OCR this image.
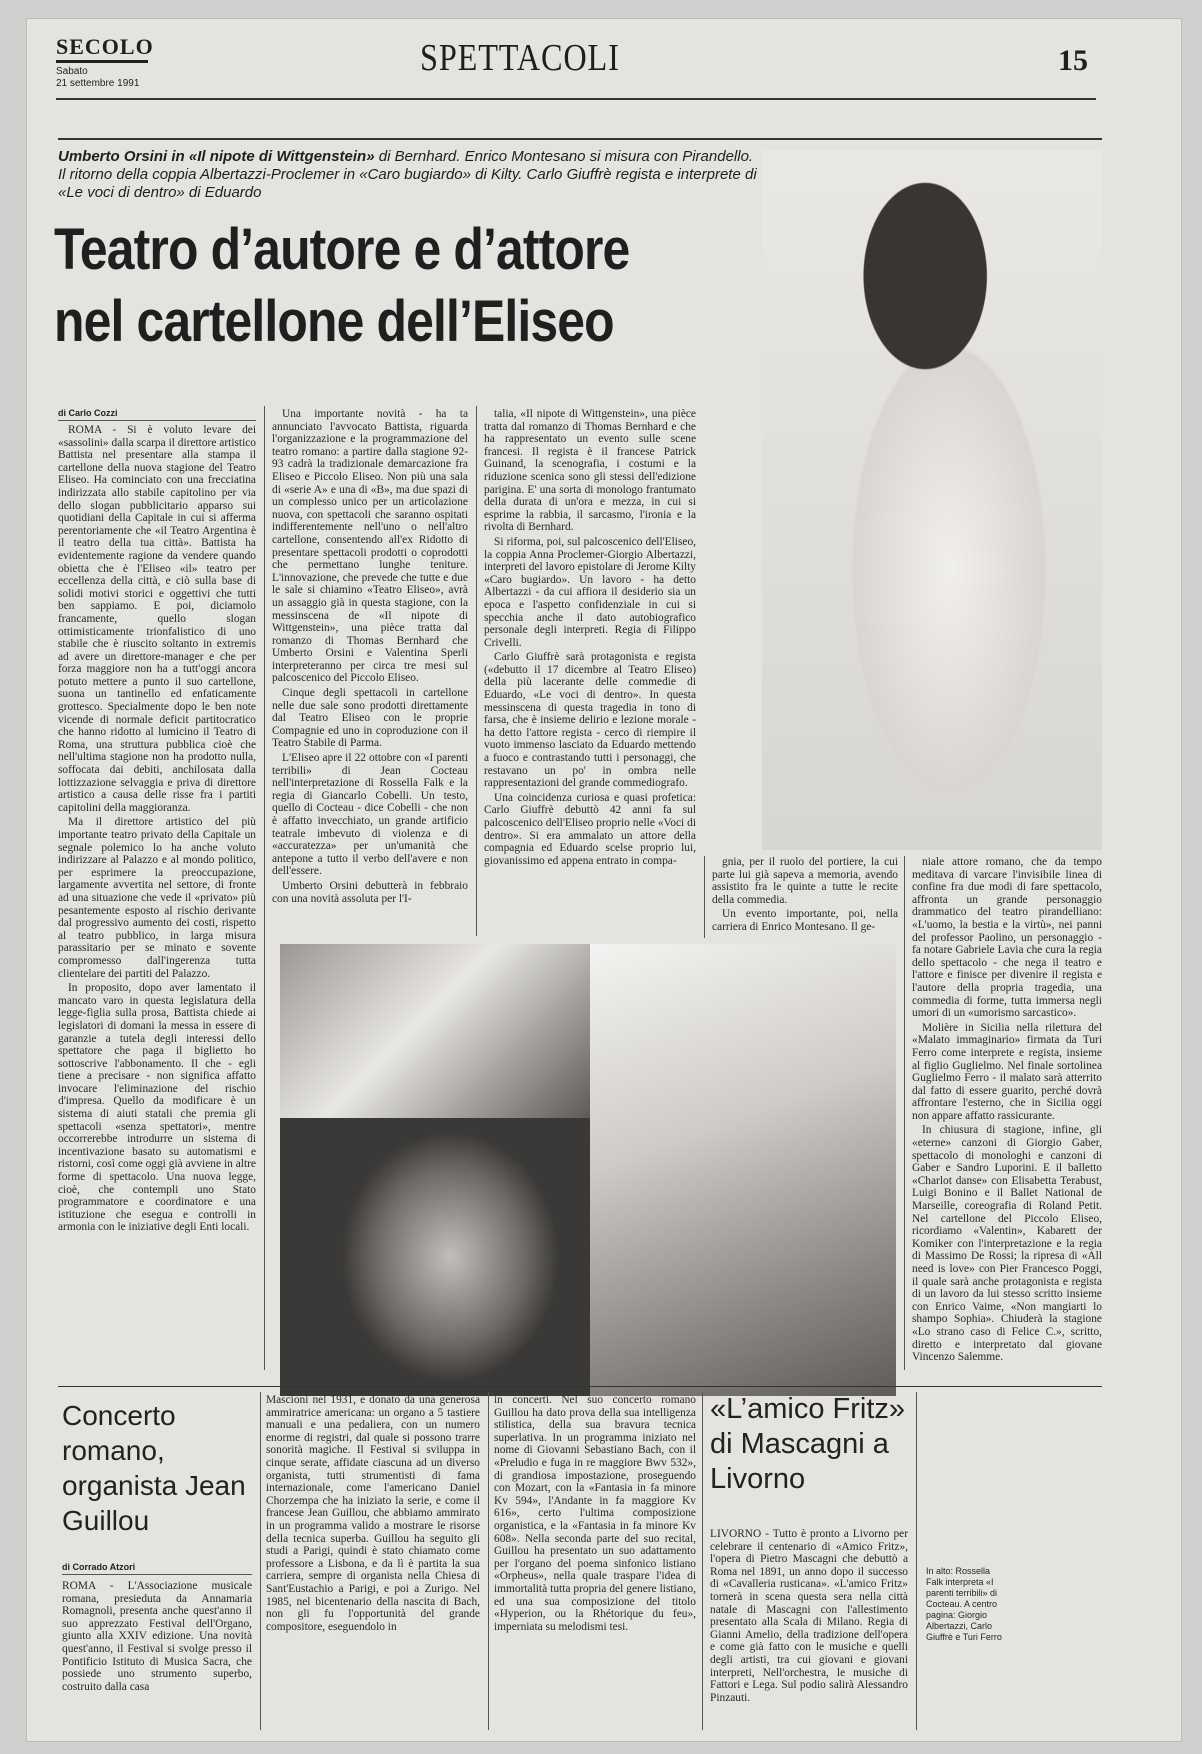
SECOLO
Sabato
21 settembre 1991
SPETTACOLI	15
Umberto Orsini in «Il nipote di Wittgenstein» di Bernhard. Enrico Montesano si misura con Pirandello. Il ritorno della coppia Albertazzi-Proclemer in «Caro bugiardo» di Kilty. Carlo Giuffrè regista e interprete di «Le voci di dentro» di Eduardo
Teatro d’autore e d’attore
nel cartellone dell’Eliseo
di Carlo Cozzi

ROMA - Si è voluto levare dei «sassolini» dalla scarpa il direttore artistico Battista nel presentare alla stampa il cartellone della nuova stagione del Teatro Eliseo. Ha cominciato con una frecciatina indirizzata allo stabile capitolino per via dello slogan pubblicitario apparso sui quotidiani della Capitale in cui si afferma perentoriamente che «il Teatro Argentina è il teatro della tua città». Battista ha evidentemente ragione da vendere quando obietta che è l'Eliseo «il» teatro per eccellenza della città, e ciò sulla base di solidi motivi storici e oggettivi che tutti ben sappiamo. E poi, diciamolo francamente, quello slogan ottimisticamente trionfalistico di uno stabile che è riuscito soltanto in extremis ad avere un direttore-manager e che per forza maggiore non ha a tutt'oggi ancora potuto mettere a punto il suo cartellone, suona un tantinello ed enfaticamente grottesco. Specialmente dopo le ben note vicende di normale deficit partitocratico che hanno ridotto al lumicino il Teatro di Roma, una struttura pubblica cioè che nell'ultima stagione non ha prodotto nulla, soffocata dai debiti, anchilosata dalla lottizzazione selvaggia e priva di direttore artistico a causa delle risse fra i partiti capitolini della maggioranza.

Ma il direttore artistico del più importante teatro privato della Capitale un segnale polemico lo ha anche voluto indirizzare al Palazzo e al mondo politico, per esprimere la preoccupazione, largamente avvertita nel settore, di fronte ad una situazione che vede il «privato» più pesantemente esposto al rischio derivante dal progressivo aumento dei costi, rispetto al teatro pubblico, in larga misura parassitario per se minato e sovente compromesso dall'ingerenza tutta clientelare dei partiti del Palazzo.

In proposito, dopo aver lamentato il mancato varo in questa legislatura della legge-figlia sulla prosa, Battista chiede ai legislatori di domani la messa in essere di garanzie a tutela degli interessi dello spettatore che paga il biglietto ho sottoscrive l'abbonamento. Il che - egli tiene a precisare - non significa affatto invocare l'eliminazione del rischio d'impresa. Quello da modificare è un sistema di aiuti statali che premia gli spettacoli «senza spettatori», mentre occorrerebbe introdurre un sistema di incentivazione basato su automatismi e ristorni, così come oggi già avviene in altre forme di spettacolo. Una nuova legge, cioè, che contempli uno Stato programmatore e coordinatore e una istituzione che esegua e controlli in armonia con le iniziative degli Enti locali.

Una importante novità - ha ta annunciato l'avvocato Battista, riguarda l'organizzazione e la programmazione del teatro romano: a partire dalla stagione 92-93 cadrà la tradizionale demarcazione fra Eliseo e Piccolo Eliseo. Non più una sala di «serie A» e una di «B», ma due spazi di un complesso unico per un articolazione nuova, con spettacoli che saranno ospitati indifferentemente nell'uno o nell'altro cartellone, consentendo all'ex Ridotto di presentare spettacoli prodotti o coprodotti che permettano lunghe teniture. L'innovazione, che prevede che tutte e due le sale si chiamino «Teatro Eliseo», avrà un assaggio già in questa stagione, con la messinscena de «Il nipote di Wittgenstein», una pièce tratta dal romanzo di Thomas Bernhard che Umberto Orsini e Valentina Sperli interpreteranno per circa tre mesi sul palcoscenico del Piccolo Eliseo.

Cinque degli spettacoli in cartellone nelle due sale sono prodotti direttamente dal Teatro Eliseo con le proprie Compagnie ed uno in coproduzione con il Teatro Stabile di Parma.

L'Eliseo apre il 22 ottobre con «I parenti terribili» di Jean Cocteau nell'interpretazione di Rossella Falk e la regia di Giancarlo Cobelli. Un testo, quello di Cocteau - dice Cobelli - che non è affatto invecchiato, un grande artificio teatrale imbevuto di violenza e di «accuratezza» per un'umanità che antepone a tutto il verbo dell'avere e non dell'essere.

Umberto Orsini debutterà in febbraio con una novità assoluta per l'I-

talia, «Il nipote di Wittgenstein», una pièce tratta dal romanzo di Thomas Bernhard e che ha rappresentato un evento sulle scene francesi. Il regista è il francese Patrick Guinand, la scenografia, i costumi e la riduzione scenica sono gli stessi dell'edizione parigina. E' una sorta di monologo frantumato della durata di un'ora e mezza, in cui si esprime la rabbia, il sarcasmo, l'ironia e la rivolta di Bernhard.

Si riforma, poi, sul palcoscenico dell'Eliseo, la coppia Anna Proclemer-Giorgio Albertazzi, interpreti del lavoro epistolare di Jerome Kilty «Caro bugiardo». Un lavoro - ha detto Albertazzi - da cui affiora il desiderio sia un epoca e l'aspetto confidenziale in cui si specchia anche il dato autobiografico personale degli interpreti. Regia di Filippo Crivelli.

Carlo Giuffrè sarà protagonista e regista («debutto il 17 dicembre al Teatro Eliseo) della più lacerante delle commedie di Eduardo, «Le voci di dentro». In questa messinscena di questa tragedia in tono di farsa, che è insieme delirio e lezione morale - ha detto l'attore regista - cerco di riempire il vuoto immenso lasciato da Eduardo mettendo a fuoco e contrastando tutti i personaggi, che restavano un po' in ombra nelle rappresentazioni del grande commediografo.

Una coincidenza curiosa e quasi profetica: Carlo Giuffrè debuttò 42 anni fa sul palcoscenico dell'Eliseo proprio nelle «Voci di dentro». Si era ammalato un attore della compagnia ed Eduardo scelse proprio lui, giovanissimo ed appena entrato in compa-	gnia, per il ruolo del portiere, la cui parte lui già sapeva a memoria, avendo assistito fra le quinte a tutte le recite della commedia.

Un evento importante, poi, nella carriera di Enrico Montesano. Il ge-

niale attore romano, che da tempo meditava di varcare l'invisibile linea di confine fra due modi di fare spettacolo, affronta un grande personaggio drammatico del teatro pirandelliano: «L'uomo, la bestia e la virtù», nei panni del professor Paolino, un personaggio - fa notare Gabriele Lavia che cura la regia dello spettacolo - che nega il teatro e l'attore e finisce per divenire il regista e l'autore della propria tragedia, una commedia di forme, tutta immersa negli umori di un «umorismo sarcastico».

Molière in Sicilia nella rilettura del «Malato immaginario» firmata da Turi Ferro come interprete e regista, insieme al figlio Guglielmo. Nel finale sortolinea Guglielmo Ferro - il malato sarà atterrito dal fatto di essere guarito, perché dovrà affrontare l'esterno, che in Sicilia oggi non appare affatto rassicurante.

In chiusura di stagione, infine, gli «eterne» canzoni di Giorgio Gaber, spettacolo di monologhi e canzoni di Gaber e Sandro Luporini. E il balletto «Charlot danse» con Elisabetta Terabust, Luigi Bonino e il Ballet National de Marseille, coreografia di Roland Petit. Nel cartellone del Piccolo Eliseo, ricordiamo «Valentin», Kabarett der Komiker con l'interpretazione e la regia di Massimo De Rossi; la ripresa di «All need is love» con Pier Francesco Poggi, il quale sarà anche protagonista e regista di un lavoro da lui stesso scritto insieme con Enrico Vaime, «Non mangiarti lo shampo Sophia». Chiuderà la stagione «Lo strano caso di Felice C.», scritto, diretto e interpretato dal giovane Vincenzo Salemme.

Concerto romano, organista Jean Guillou
di Corrado Atzori
ROMA - L'Associazione musicale romana, presieduta da Annamaria Romagnoli, presenta anche quest'anno il suo apprezzato Festival dell'Organo, giunto alla XXIV edizione. Una novità quest'anno, il Festival si svolge presso il Pontificio Istituto di Musica Sacra, che possiede uno strumento superbo, costruito dalla casa
Mascioni nel 1931, e donato da una generosa ammiratrice americana: un organo a 5 tastiere manuali e una pedaliera, con un numero enorme di registri, dal quale si possono trarre sonorità magiche. Il Festival si sviluppa in cinque serate, affidate ciascuna ad un diverso organista, tutti strumentisti di fama internazionale, come l'americano Daniel Chorzempa che ha iniziato la serie, e come il francese Jean Guillou, che abbiamo ammirato in un programma valido a mostrare le risorse della tecnica superba. Guillou ha seguito gli studi a Parigi, quindi è stato chiamato come professore a Lisbona, e da lì è partita la sua carriera, sempre di organista nella Chiesa di Sant'Eustachio a Parigi, e poi a Zurigo. Nel 1985, nel bicentenario della nascita di Bach, non gli fu l'opportunità del grande compositore, eseguendolo in
in concerti. Nel suo concerto romano Guillou ha dato prova della sua intelligenza stilistica, della sua bravura tecnica superlativa. In un programma iniziato nel nome di Giovanni Sebastiano Bach, con il «Preludio e fuga in re maggiore Bwv 532», di grandiosa impostazione, proseguendo con Mozart, con la «Fantasia in fa minore Kv 594», l'Andante in fa maggiore Kv 616», certo l'ultima composizione organistica, e la «Fantasia in fa minore Kv 608». Nella seconda parte del suo recital, Guillou ha presentato un suo adattamento per l'organo del poema sinfonico listiano «Orpheus», nella quale traspare l'idea di immortalità tutta propria del genere listiano, ed una sua composizione del titolo «Hyperion, ou la Rhétorique du feu», imperniata su melodismi tesi.
«L’amico Fritz» di Mascagni a Livorno
LIVORNO - Tutto è pronto a Livorno per celebrare il centenario di «Amico Fritz», l'opera di Pietro Mascagni che debuttò a Roma nel 1891, un anno dopo il successo di «Cavalleria rusticana». «L'amico Fritz» tornerà in scena questa sera nella città natale di Mascagni con l'allestimento presentato alla Scala di Milano. Regia di Gianni Amelio, della tradizione dell'opera e come già fatto con le musiche e quelli degli artisti, tra cui giovani e giovani interpreti, Nell'orchestra, le musiche di Fattori e Lega. Sul podio salirà Alessandro Pinzauti.
In alto: Rossella Falk interpreta «I parenti terribili» di Cocteau. A centro pagina: Giorgio Albertazzi, Carlo Giuffrè e Turi Ferro
